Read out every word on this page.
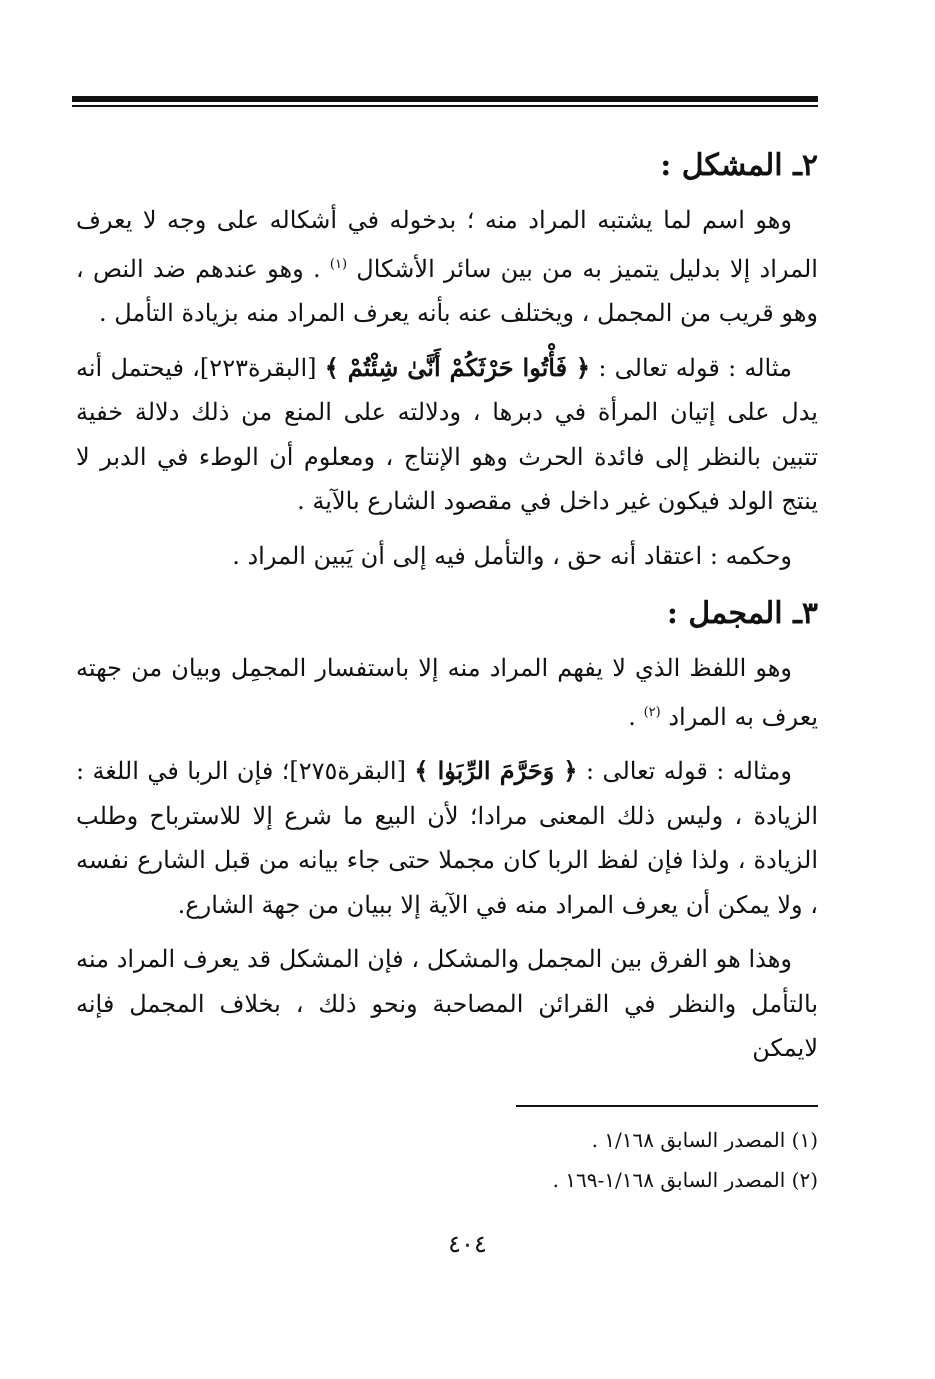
٢ـ المشكل :

وهو اسم لما يشتبه المراد منه ؛ بدخوله في أشكاله على وجه لا يعرف المراد إلا بدليل يتميز به من بين سائر الأشكال $^{(١)}$ . وهو عندهم ضد النص ، وهو قريب من المجمل ، ويختلف عنه بأنه يعرف المراد منه بزيادة التأمل .

مثاله : قوله تعالى : ﴿ فَأْتُوا حَرْثَكُمْ أَنَّىٰ شِئْتُمْ ﴾ [البقرة٢٢٣]، فيحتمل أنه يدل على إتيان المرأة في دبرها ، ودلالته على المنع من ذلك دلالة خفية تتبين بالنظر إلى فائدة الحرث وهو الإنتاج ، ومعلوم أن الوطء في الدبر لا ينتج الولد فيكون غير داخل في مقصود الشارع بالآية .

وحكمه : اعتقاد أنه حق ، والتأمل فيه إلى أن يَبين المراد .

٣ـ المجمل :

وهو اللفظ الذي لا يفهم المراد منه إلا باستفسار المجمِل وبيان من جهته يعرف به المراد $^{(٢)}$ .

ومثاله : قوله تعالى : ﴿ وَحَرَّمَ الرِّبَوٰا ﴾ [البقرة٢٧٥]؛ فإن الربا في اللغة : الزيادة ، وليس ذلك المعنى مرادا؛ لأن البيع ما شرع إلا للاسترباح وطلب الزيادة ، ولذا فإن لفظ الربا كان مجملا حتى جاء بيانه من قبل الشارع نفسه ، ولا يمكن أن يعرف المراد منه في الآية إلا ببيان من جهة الشارع.

وهذا هو الفرق بين المجمل والمشكل ، فإن المشكل قد يعرف المراد منه بالتأمل والنظر في القرائن المصاحبة ونحو ذلك ، بخلاف المجمل فإنه لايمكن

(١) المصدر السابق ١/١٦٨ .
(٢) المصدر السابق ١/١٦٨-١٦٩ .
٤٠٤
